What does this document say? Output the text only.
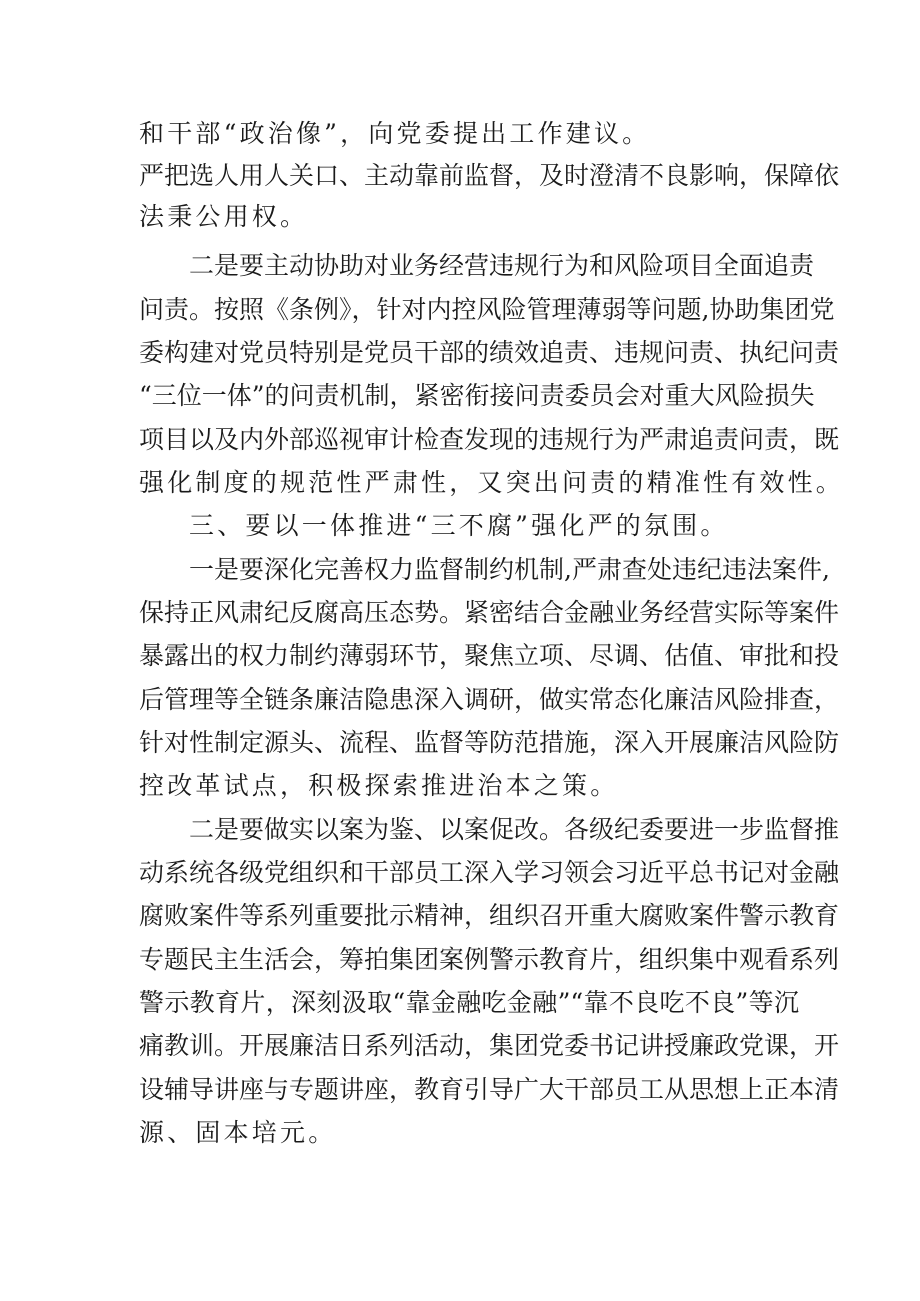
和干部“政治像”，向党委提出工作建议。
严把选人用人关口、主动靠前监督，及时澄清不良影响，保障依
法秉公用权。
二是要主动协助对业务经营违规行为和风险项目全面追责
问责。按照《条例》，针对内控风险管理薄弱等问题,协助集团党
委构建对党员特别是党员干部的绩效追责、违规问责、执纪问责
“三位一体”的问责机制，紧密衔接问责委员会对重大风险损失
项目以及内外部巡视审计检查发现的违规行为严肃追责问责，既
强化制度的规范性严肃性，又突出问责的精准性有效性。
三、要以一体推进“三不腐”强化严的氛围。
一是要深化完善权力监督制约机制,严肃查处违纪违法案件,
保持正风肃纪反腐高压态势。紧密结合金融业务经营实际等案件
暴露出的权力制约薄弱环节，聚焦立项、尽调、估值、审批和投
后管理等全链条廉洁隐患深入调研，做实常态化廉洁风险排查，
针对性制定源头、流程、监督等防范措施，深入开展廉洁风险防
控改革试点，积极探索推进治本之策。
二是要做实以案为鉴、以案促改。各级纪委要进一步监督推
动系统各级党组织和干部员工深入学习领会习近平总书记对金融
腐败案件等系列重要批示精神，组织召开重大腐败案件警示教育
专题民主生活会，筹拍集团案例警示教育片，组织集中观看系列
警示教育片，深刻汲取“靠金融吃金融”“靠不良吃不良”等沉
痛教训。开展廉洁日系列活动，集团党委书记讲授廉政党课，开
设辅导讲座与专题讲座，教育引导广大干部员工从思想上正本清
源、固本培元。
